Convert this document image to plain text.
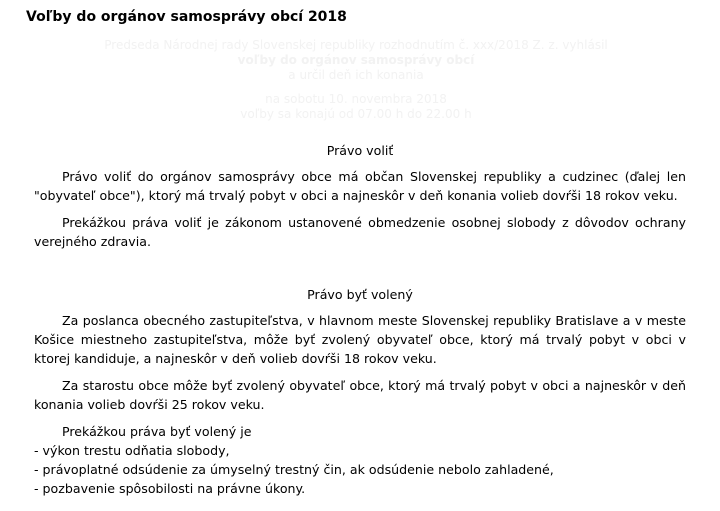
Voľby do orgánov samosprávy obcí 2018
Predseda Národnej rady Slovenskej republiky rozhodnutím č. xxx/2018 Z. z. vyhlásil
voľby do orgánov samosprávy obcí
a určil deň ich konania
na sobotu 10. novembra 2018
voľby sa konajú od 07.00 h do 22.00 h
Právo voliť

Právo voliť do orgánov samosprávy obce má občan Slovenskej republiky a cudzinec (ďalej len "obyvateľ obce"), ktorý má trvalý pobyt v obci a najneskôr v deň konania volieb dovŕši 18 rokov veku.

Prekážkou práva voliť je zákonom ustanovené obmedzenie osobnej slobody z dôvodov ochrany verejného zdravia.

Právo byť volený

Za poslanca obecného zastupiteľstva, v hlavnom meste Slovenskej republiky Bratislave a v meste Košice miestneho zastupiteľstva, môže byť zvolený obyvateľ obce, ktorý má trvalý pobyt v obci v ktorej kandiduje, a najneskôr v deň volieb dovŕši 18 rokov veku.

Za starostu obce môže byť zvolený obyvateľ obce, ktorý má trvalý pobyt v obci a najneskôr v deň konania volieb dovŕši 25 rokov veku.

Prekážkou práva byť volený je

- výkon trestu odňatia slobody,

- právoplatné odsúdenie za úmyselný trestný čin, ak odsúdenie nebolo zahladené,

- pozbavenie spôsobilosti na právne úkony.
